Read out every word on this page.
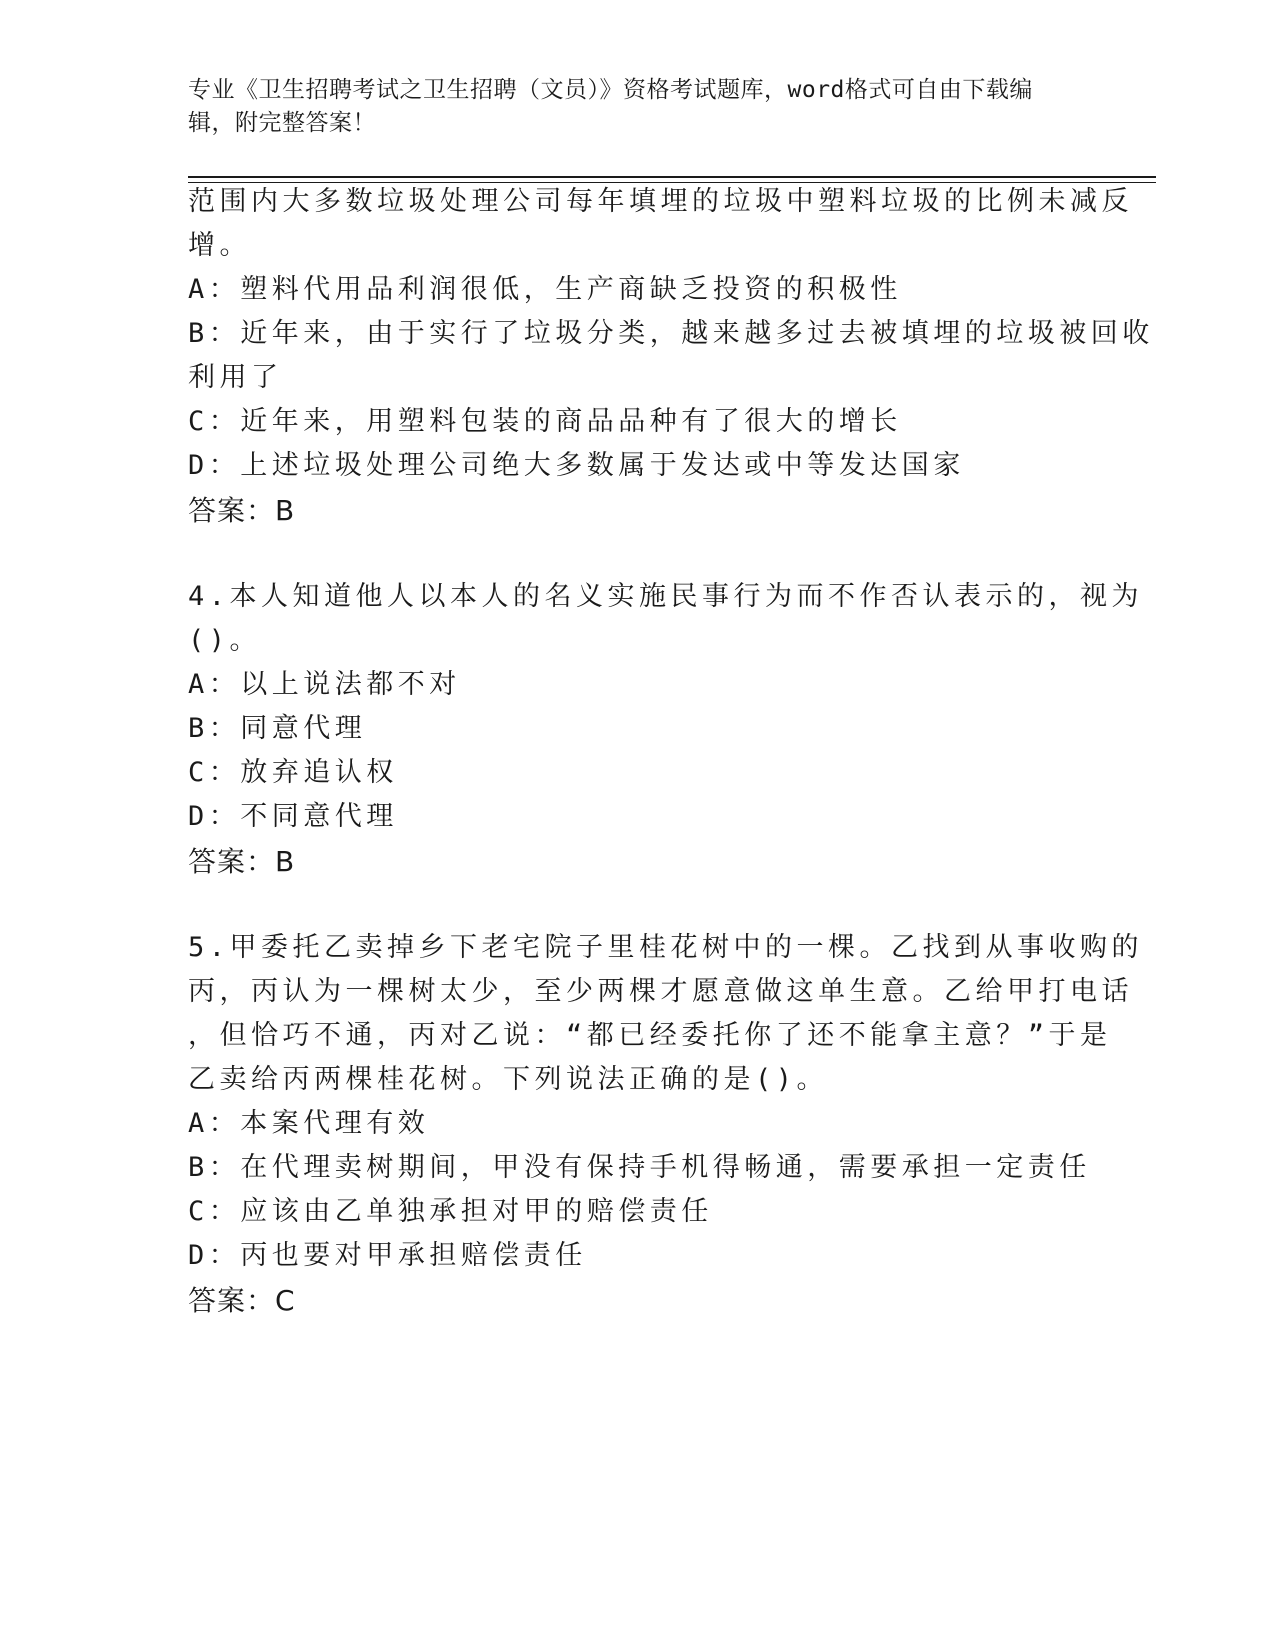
专业《卫生招聘考试之卫生招聘（文员）》资格考试题库，word格式可自由下载编辑，附完整答案！
范围内大多数垃圾处理公司每年填埋的垃圾中塑料垃圾的比例未减反
增。
A：塑料代用品利润很低，生产商缺乏投资的积极性
B：近年来，由于实行了垃圾分类，越来越多过去被填埋的垃圾被回收
利用了
C：近年来，用塑料包装的商品品种有了很大的增长
D：上述垃圾处理公司绝大多数属于发达或中等发达国家
答案：B
4.本人知道他人以本人的名义实施民事行为而不作否认表示的，视为
()。
A：以上说法都不对
B：同意代理
C：放弃追认权
D：不同意代理
答案：B
5.甲委托乙卖掉乡下老宅院子里桂花树中的一棵。乙找到从事收购的
丙，丙认为一棵树太少，至少两棵才愿意做这单生意。乙给甲打电话
，但恰巧不通，丙对乙说：“都已经委托你了还不能拿主意？”于是
乙卖给丙两棵桂花树。下列说法正确的是()。
A：本案代理有效
B：在代理卖树期间，甲没有保持手机得畅通，需要承担一定责任
C：应该由乙单独承担对甲的赔偿责任
D：丙也要对甲承担赔偿责任
答案：C
